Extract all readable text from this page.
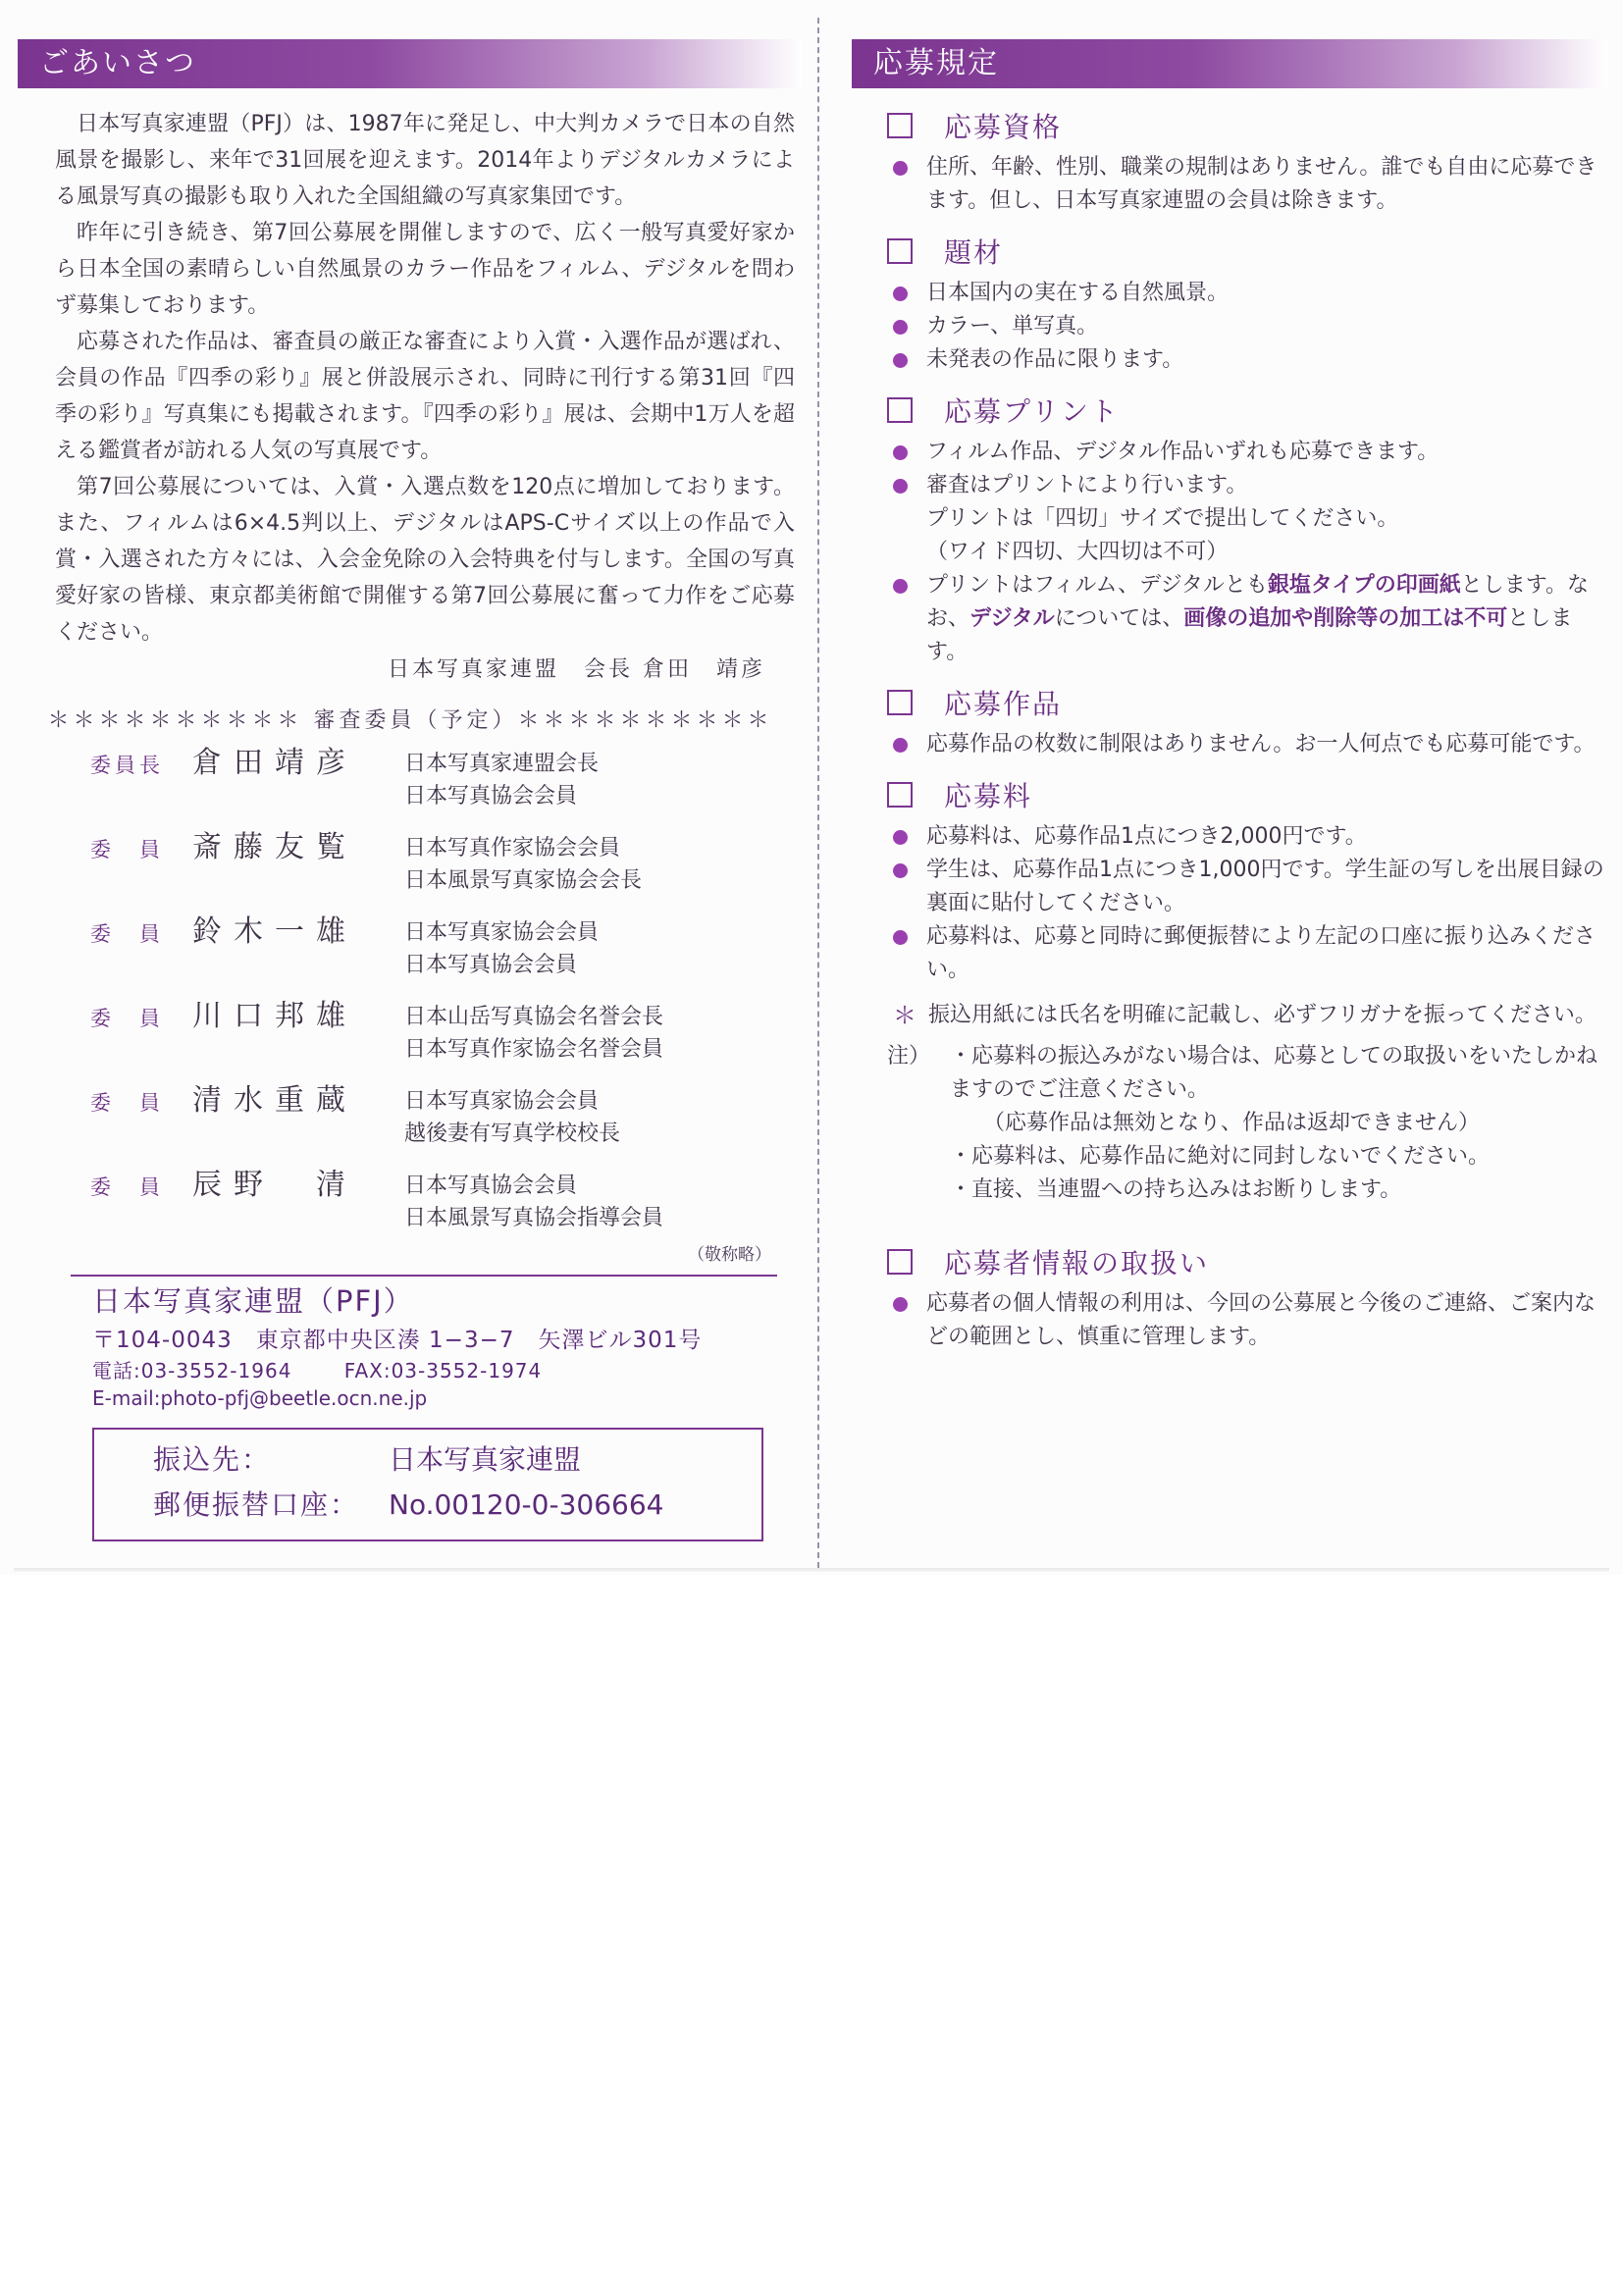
ごあいさつ

日本写真家連盟（PFJ）は、1987年に発足し、中大判カメラで日本の自然風景を撮影し、来年で31回展を迎えます。2014年よりデジタルカメラによる風景写真の撮影も取り入れた全国組織の写真家集団です。

昨年に引き続き、第7回公募展を開催しますので、広く一般写真愛好家から日本全国の素晴らしい自然風景のカラー作品をフィルム、デジタルを問わず募集しております。

応募された作品は、審査員の厳正な審査により入賞・入選作品が選ばれ、会員の作品『四季の彩り』展と併設展示され、同時に刊行する第31回『四季の彩り』写真集にも掲載されます。『四季の彩り』展は、会期中1万人を超える鑑賞者が訪れる人気の写真展です。

第7回公募展については、入賞・入選点数を120点に増加しております。また、フィルムは6×4.5判以上、デジタルはAPS-Cサイズ以上の作品で入賞・入選された方々には、入会金免除の入会特典を付与します。全国の写真愛好家の皆様、東京都美術館で開催する第7回公募展に奮って力作をご応募ください。

日本写真家連盟　会長 倉田　靖彦
＊＊＊＊＊＊＊＊＊＊ 審査委員（予定）＊＊＊＊＊＊＊＊＊＊
委員長 倉田靖彦	日本写真家連盟会長
日本写真協会会員
委　員 斎藤友覧	日本写真作家協会会員
日本風景写真家協会会長
委　員 鈴木一雄	日本写真家協会会員
日本写真協会会員
委　員 川口邦雄	日本山岳写真協会名誉会長
日本写真作家協会名誉会員
委　員 清水重蔵	日本写真家協会会員
越後妻有写真学校校長
委　員 辰野　清	日本写真協会会員
日本風景写真協会指導会員
（敬称略）
日本写真家連盟（PFJ）
〒104-0043　東京都中央区湊 1−3−7　矢澤ビル301号
電話:03-3552-1964	FAX:03-3552-1974
E-mail:photo-pfj@beetle.ocn.ne.jp
振込先：	日本写真家連盟
郵便振替口座：	No.00120-0-306664
応募規定
応募資格
住所、年齢、性別、職業の規制はありません。誰でも自由に応募できます。但し、日本写真家連盟の会員は除きます。
題材
日本国内の実在する自然風景。
カラー、単写真。
未発表の作品に限ります。
応募プリント
フィルム作品、デジタル作品いずれも応募できます。
審査はプリントにより行います。
プリントは「四切」サイズで提出してください。
（ワイド四切、大四切は不可）
プリントはフィルム、デジタルとも銀塩タイプの印画紙とします。なお、デジタルについては、画像の追加や削除等の加工は不可とします。
応募作品
応募作品の枚数に制限はありません。お一人何点でも応募可能です。
応募料
応募料は、応募作品1点につき2,000円です。
学生は、応募作品1点につき1,000円です。学生証の写しを出展目録の裏面に貼付してください。
応募料は、応募と同時に郵便振替により左記の口座に振り込みください。
＊ 振込用紙には氏名を明確に記載し、必ずフリガナを振ってください。
注） ・応募料の振込みがない場合は、応募としての取扱いをいたしかねますのでご注意ください。
（応募作品は無効となり、作品は返却できません）
・応募料は、応募作品に絶対に同封しないでください。
・直接、当連盟への持ち込みはお断りします。
応募者情報の取扱い
応募者の個人情報の利用は、今回の公募展と今後のご連絡、ご案内などの範囲とし、慎重に管理します。
